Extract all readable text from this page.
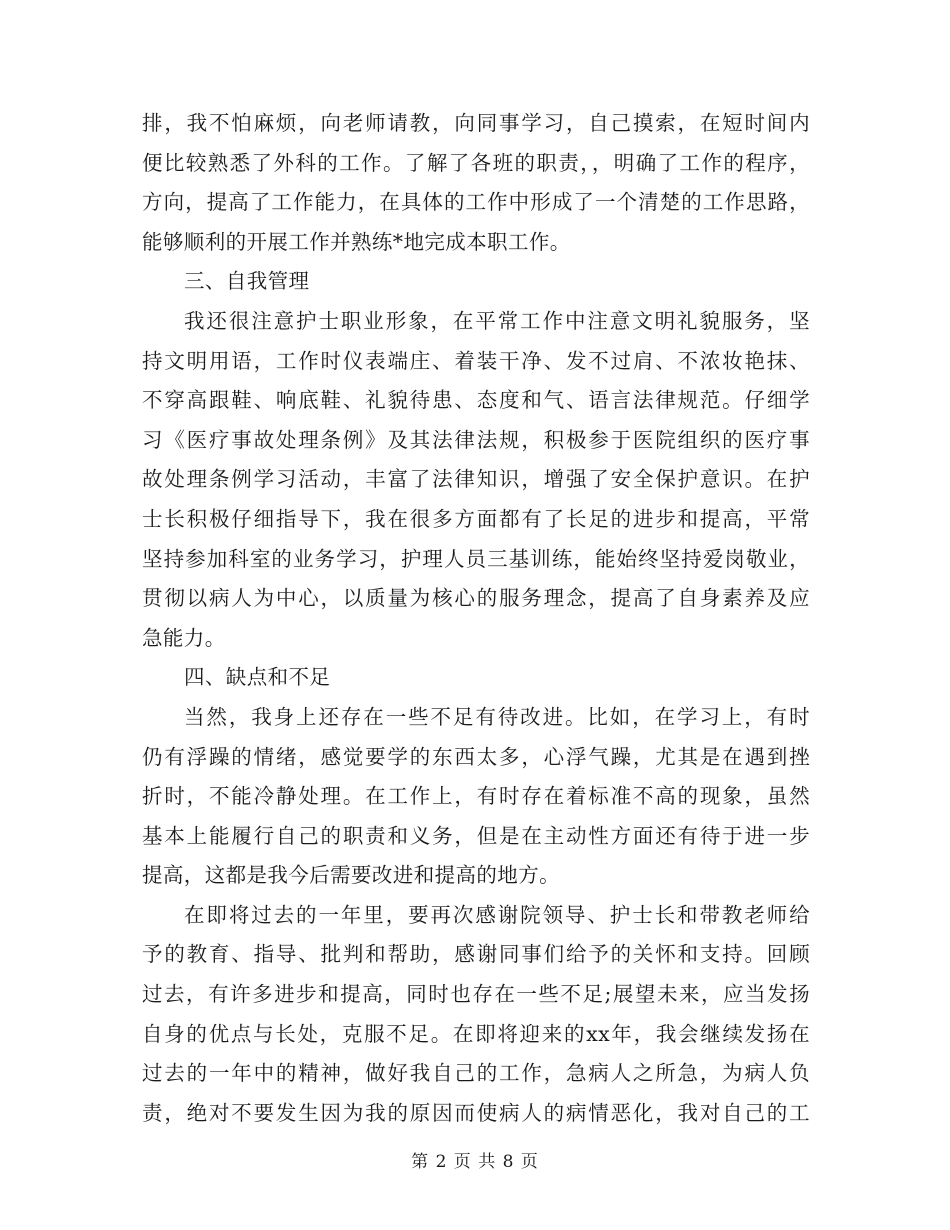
排，我不怕麻烦，向老师请教，向同事学习，自己摸索，在短时间内
便比较熟悉了外科的工作。了解了各班的职责，，明确了工作的程序，
方向，提高了工作能力，在具体的工作中形成了一个清楚的工作思路，
能够顺利的开展工作并熟练*地完成本职工作。
三、自我管理
我还很注意护士职业形象，在平常工作中注意文明礼貌服务，坚
持文明用语，工作时仪表端庄、着装干净、发不过肩、不浓妆艳抹、
不穿高跟鞋、响底鞋、礼貌待患、态度和气、语言法律规范。仔细学
习《医疗事故处理条例》及其法律法规，积极参于医院组织的医疗事
故处理条例学习活动，丰富了法律知识，增强了安全保护意识。在护
士长积极仔细指导下，我在很多方面都有了长足的进步和提高，平常
坚持参加科室的业务学习，护理人员三基训练，能始终坚持爱岗敬业，
贯彻以病人为中心，以质量为核心的服务理念，提高了自身素养及应
急能力。
四、缺点和不足
当然，我身上还存在一些不足有待改进。比如，在学习上，有时
仍有浮躁的情绪，感觉要学的东西太多，心浮气躁，尤其是在遇到挫
折时，不能冷静处理。在工作上，有时存在着标准不高的现象，虽然
基本上能履行自己的职责和义务，但是在主动性方面还有待于进一步
提高，这都是我今后需要改进和提高的地方。
在即将过去的一年里，要再次感谢院领导、护士长和带教老师给
予的教育、指导、批判和帮助，感谢同事们给予的关怀和支持。回顾
过去，有许多进步和提高，同时也存在一些不足;展望未来，应当发扬
自身的优点与长处，克服不足。在即将迎来的xx年，我会继续发扬在
过去的一年中的精神，做好我自己的工作，急病人之所急，为病人负
责，绝对不要发生因为我的原因而使病人的病情恶化，我对自己的工
第 2 页 共 8 页
